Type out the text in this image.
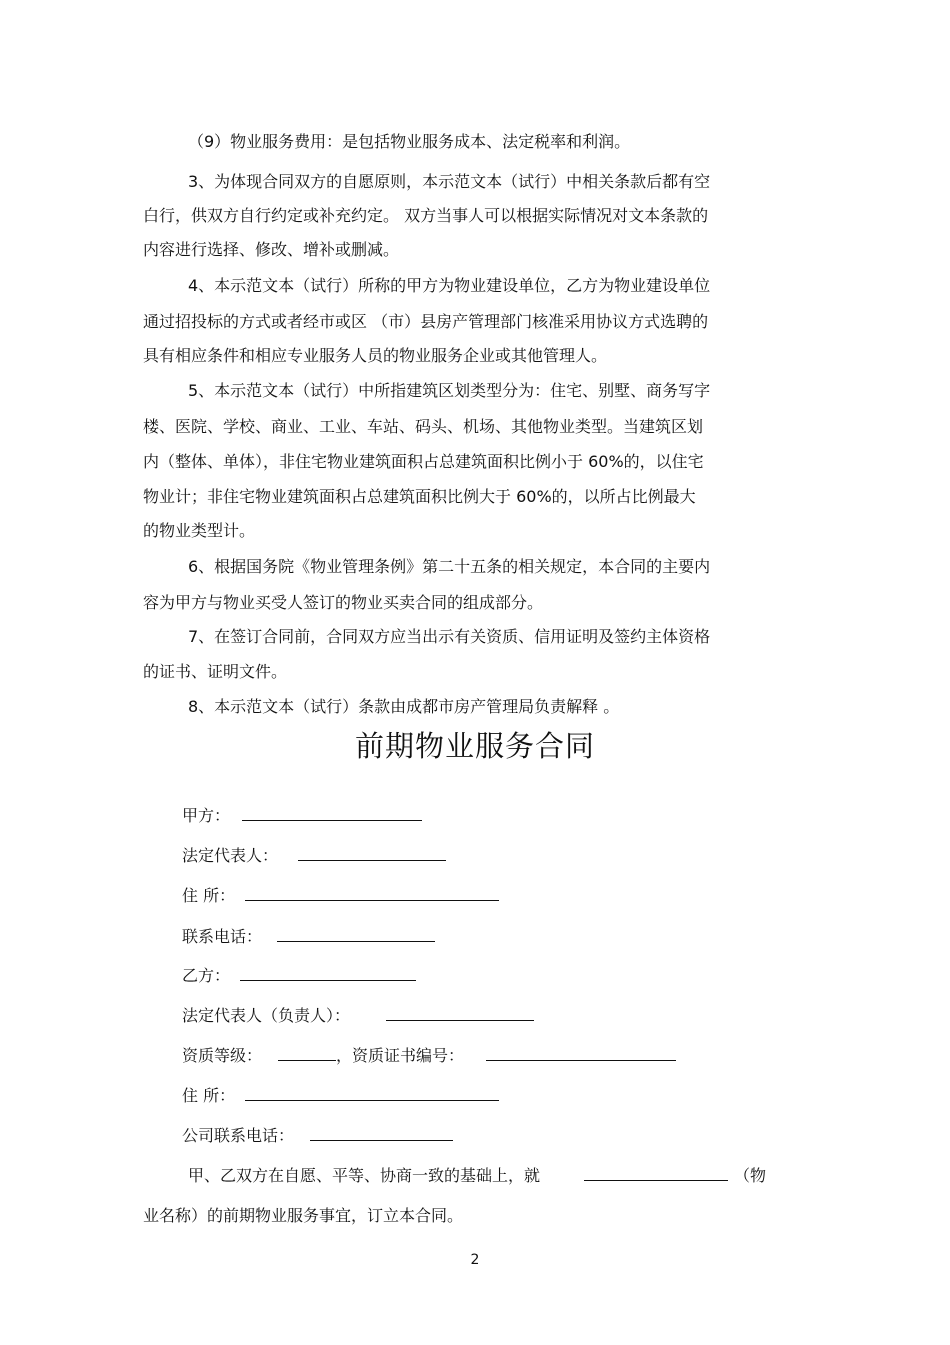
（9）物业服务费用：是包括物业服务成本、法定税率和利润。
3、为体现合同双方的自愿原则，本示范文本（试行）中相关条款后都有空
白行，供双方自行约定或补充约定。 双方当事人可以根据实际情况对文本条款的
内容进行选择、修改、增补或删减。
4、本示范文本（试行）所称的甲方为物业建设单位，乙方为物业建设单位
通过招投标的方式或者经市或区 （市）县房产管理部门核准采用协议方式选聘的
具有相应条件和相应专业服务人员的物业服务企业或其他管理人。
5、本示范文本（试行）中所指建筑区划类型分为：住宅、别墅、商务写字
楼、医院、学校、商业、工业、车站、码头、机场、其他物业类型。当建筑区划
内（整体、单体），非住宅物业建筑面积占总建筑面积比例小于 60%的，以住宅
物业计；非住宅物业建筑面积占总建筑面积比例大于 60%的，以所占比例最大
的物业类型计。
6、根据国务院《物业管理条例》第二十五条的相关规定，本合同的主要内
容为甲方与物业买受人签订的物业买卖合同的组成部分。
7、在签订合同前，合同双方应当出示有关资质、信用证明及签约主体资格
的证书、证明文件。
8、本示范文本（试行）条款由成都市房产管理局负责解释 。
前期物业服务合同
甲方：
法定代表人：
住 所：
联系电话：
乙方：
法定代表人（负责人）：
资质等级：	，资质证书编号：
住 所：
公司联系电话：
甲、乙双方在自愿、平等、协商一致的基础上，就	（物
业名称）的前期物业服务事宜，订立本合同。
2
